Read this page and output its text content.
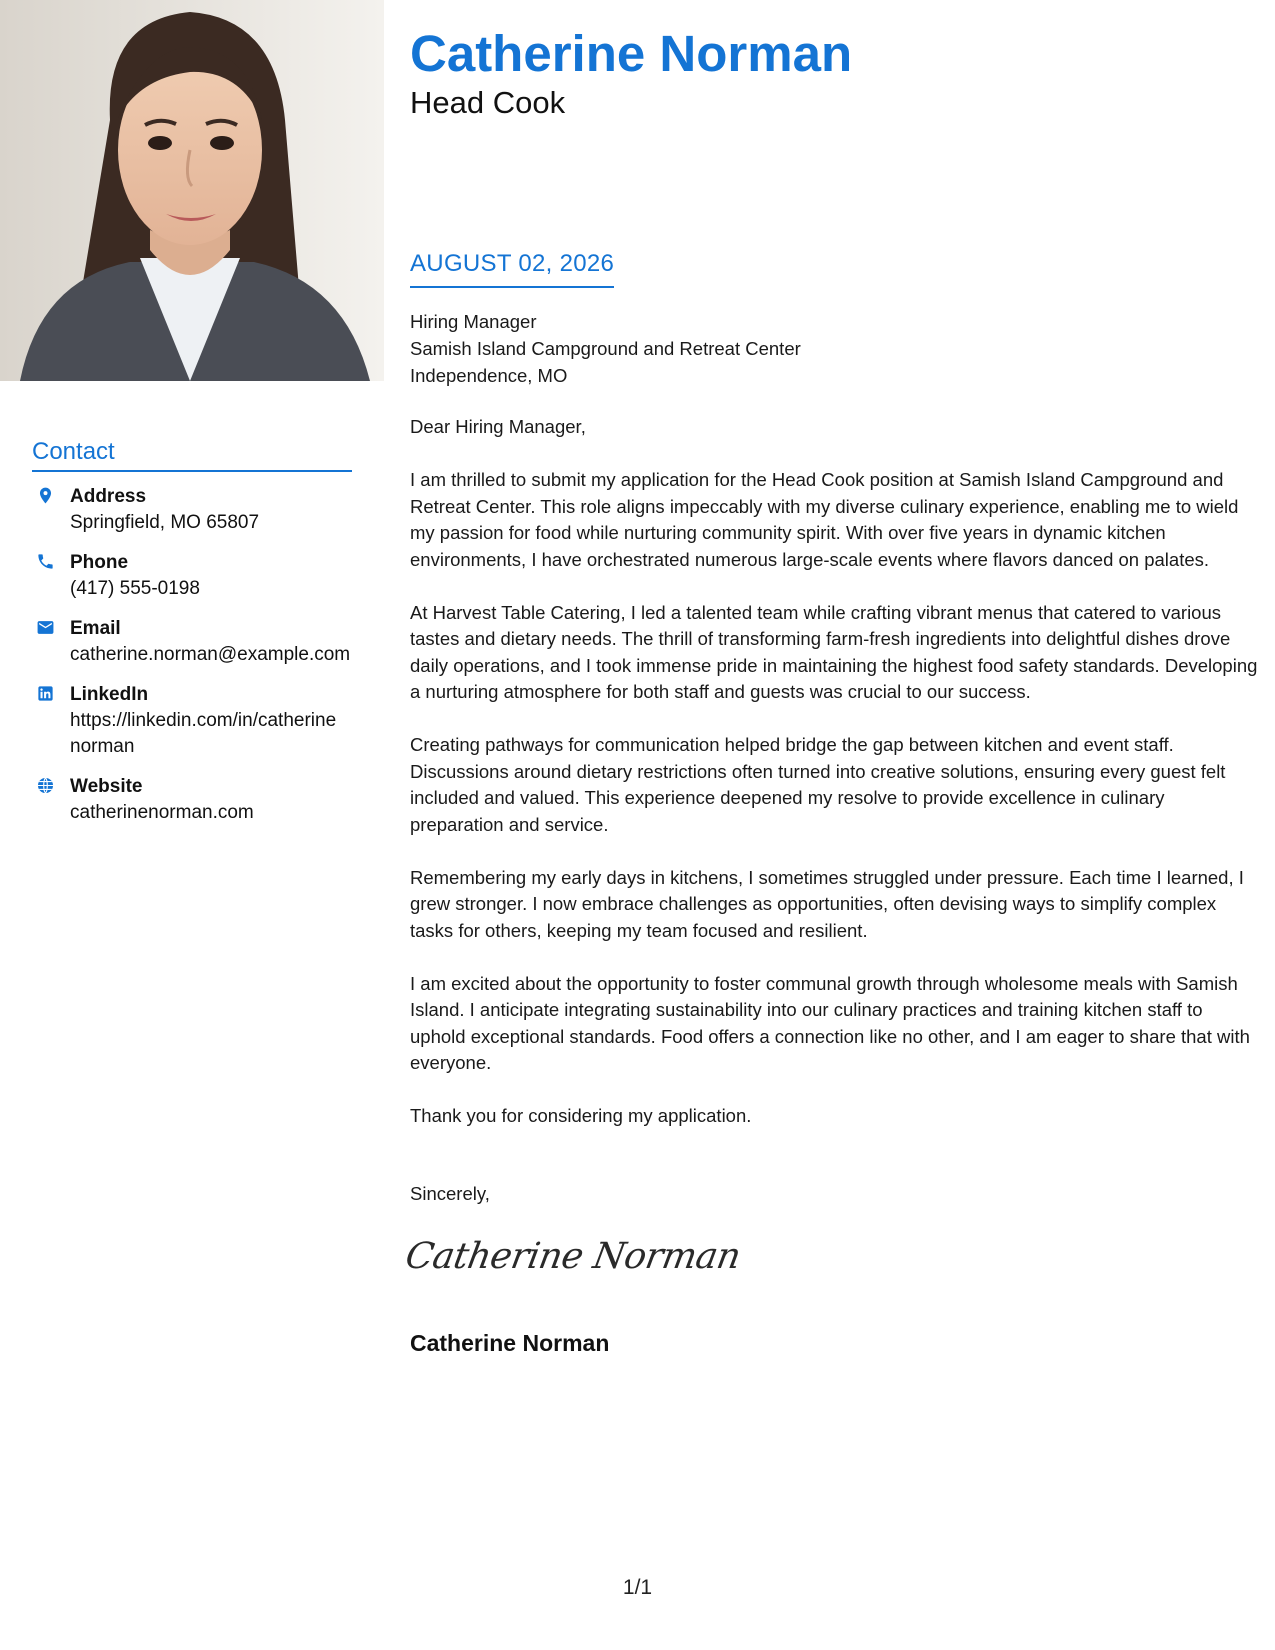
Contact
Address
Springfield, MO 65807
Phone
(417) 555-0198
Email
catherine.norman@example.com
LinkedIn
https://linkedin.com/in/catherine norman
Website
catherinenorman.com
Catherine Norman
Head Cook
AUGUST 02, 2026
Hiring Manager
Samish Island Campground and Retreat Center
Independence, MO

Dear Hiring Manager,

I am thrilled to submit my application for the Head Cook position at Samish Island Campground and Retreat Center. This role aligns impeccably with my diverse culinary experience, enabling me to wield my passion for food while nurturing community spirit. With over five years in dynamic kitchen environments, I have orchestrated numerous large-scale events where flavors danced on palates.

At Harvest Table Catering, I led a talented team while crafting vibrant menus that catered to various tastes and dietary needs. The thrill of transforming farm-fresh ingredients into delightful dishes drove daily operations, and I took immense pride in maintaining the highest food safety standards. Developing a nurturing atmosphere for both staff and guests was crucial to our success.

Creating pathways for communication helped bridge the gap between kitchen and event staff. Discussions around dietary restrictions often turned into creative solutions, ensuring every guest felt included and valued. This experience deepened my resolve to provide excellence in culinary preparation and service.

Remembering my early days in kitchens, I sometimes struggled under pressure. Each time I learned, I grew stronger. I now embrace challenges as opportunities, often devising ways to simplify complex tasks for others, keeping my team focused and resilient.

I am excited about the opportunity to foster communal growth through wholesome meals with Samish Island. I anticipate integrating sustainability into our culinary practices and training kitchen staff to uphold exceptional standards. Food offers a connection like no other, and I am eager to share that with everyone.

Thank you for considering my application.

Sincerely,
Catherine Norman
Catherine Norman
1/1
